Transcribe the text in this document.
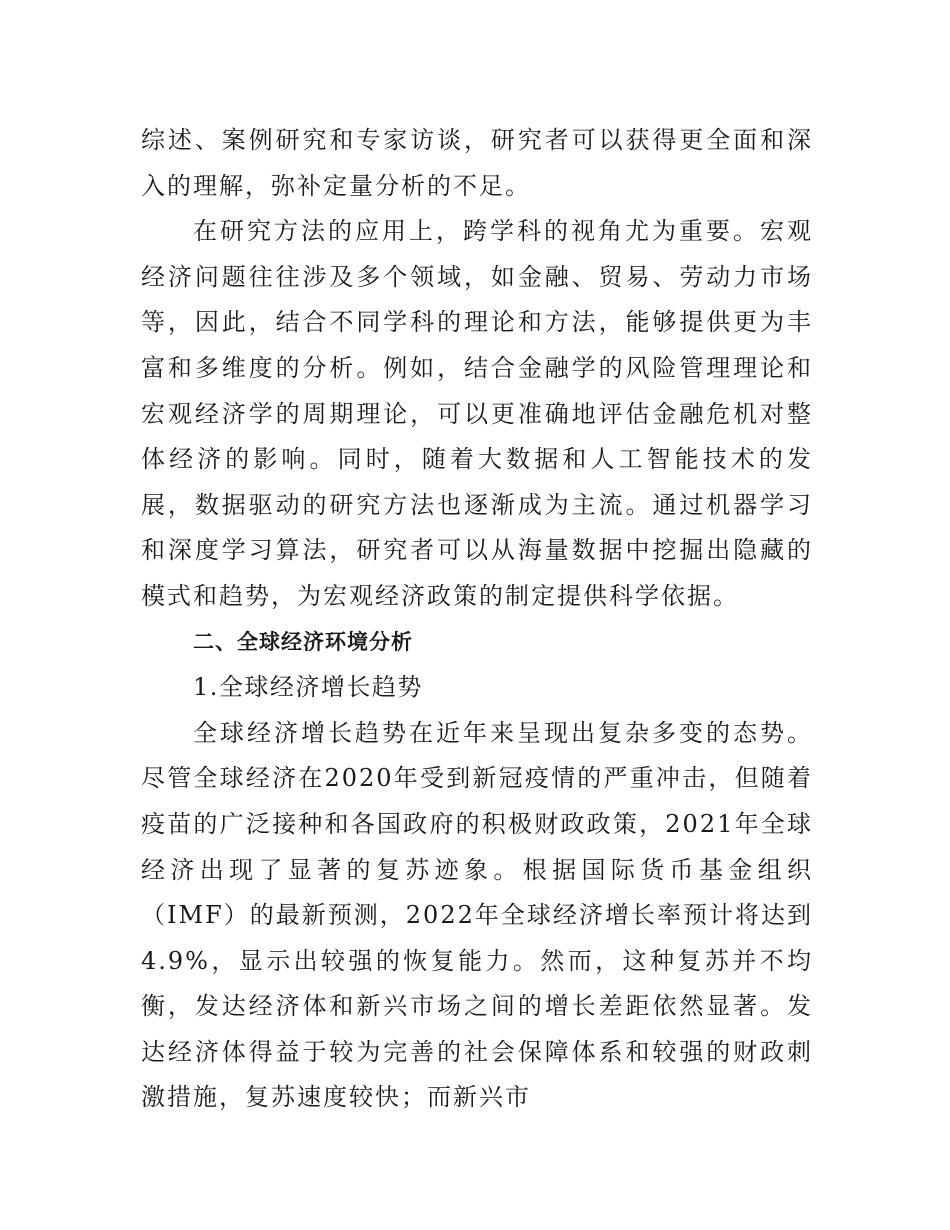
综述、案例研究和专家访谈，研究者可以获得更全面和深入的理解，弥补定量分析的不足。

在研究方法的应用上，跨学科的视角尤为重要。宏观经济问题往往涉及多个领域，如金融、贸易、劳动力市场等，因此，结合不同学科的理论和方法，能够提供更为丰富和多维度的分析。例如，结合金融学的风险管理理论和宏观经济学的周期理论，可以更准确地评估金融危机对整体经济的影响。同时，随着大数据和人工智能技术的发展，数据驱动的研究方法也逐渐成为主流。通过机器学习和深度学习算法，研究者可以从海量数据中挖掘出隐藏的模式和趋势，为宏观经济政策的制定提供科学依据。

二、全球经济环境分析

1.全球经济增长趋势

全球经济增长趋势在近年来呈现出复杂多变的态势。尽管全球经济在2020年受到新冠疫情的严重冲击，但随着疫苗的广泛接种和各国政府的积极财政政策，2021年全球经济出现了显著的复苏迹象。根据国际货币基金组织（IMF）的最新预测，2022年全球经济增长率预计将达到4.9%，显示出较强的恢复能力。然而，这种复苏并不均衡，发达经济体和新兴市场之间的增长差距依然显著。发达经济体得益于较为完善的社会保障体系和较强的财政刺激措施，复苏速度较快；而新兴市
